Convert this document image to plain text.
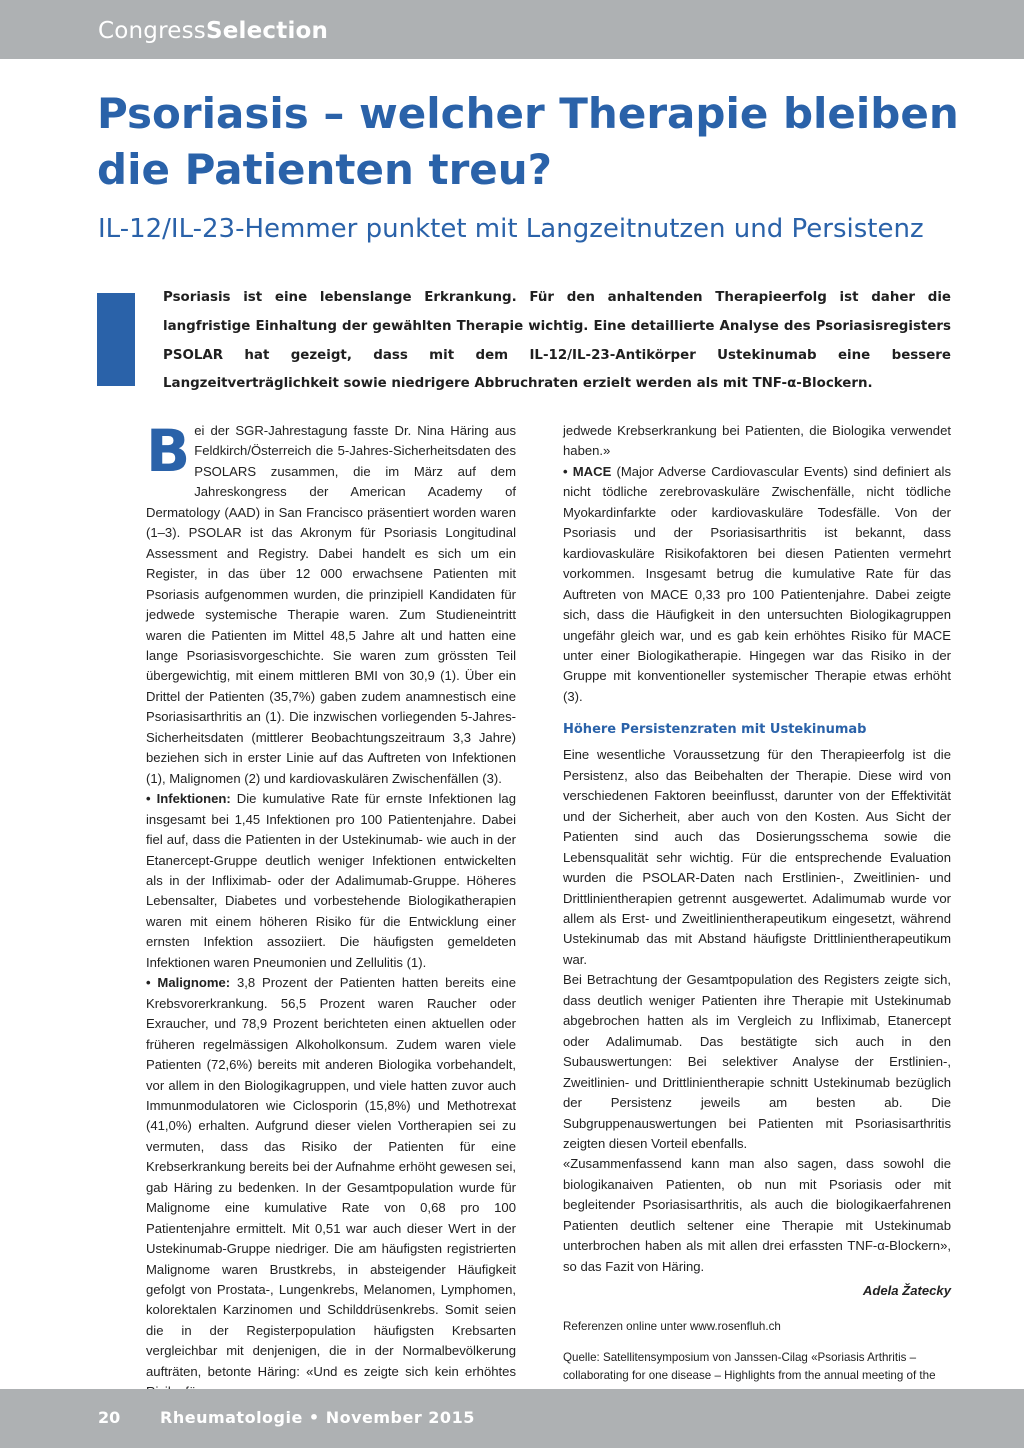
CongressSelection
Psoriasis – welcher Therapie bleiben die Patienten treu?
IL-12/IL-23-Hemmer punktet mit Langzeitnutzen und Persistenz

Psoriasis ist eine lebenslange Erkrankung. Für den anhaltenden Therapieerfolg ist daher die langfristige Einhaltung der gewählten Therapie wichtig. Eine detaillierte Analyse des Psoriasisregisters PSOLAR hat gezeigt, dass mit dem IL-12/IL-23-Antikörper Ustekinumab eine bessere Langzeitverträglichkeit sowie niedrigere Abbruchraten erzielt werden als mit TNF-α-Blockern.

Bei der SGR-Jahrestagung fasste Dr. Nina Häring aus Feldkirch/Österreich die 5-Jahres-Sicherheitsdaten des PSOLARS zusammen, die im März auf dem Jahreskongress der American Academy of Dermatology (AAD) in San Francisco präsentiert worden waren (1–3). PSOLAR ist das Akronym für Psoriasis Longitudinal Assessment and Registry. Dabei handelt es sich um ein Register, in das über 12 000 erwachsene Patienten mit Psoriasis aufgenommen wurden, die prinzipiell Kandidaten für jedwede systemische Therapie waren. Zum Studieneintritt waren die Patienten im Mittel 48,5 Jahre alt und hatten eine lange Psoriasisvorgeschichte. Sie waren zum grössten Teil übergewichtig, mit einem mittleren BMI von 30,9 (1). Über ein Drittel der Patienten (35,7%) gaben zudem anamnestisch eine Psoriasisarthritis an (1). Die inzwischen vorliegenden 5-Jahres-Sicherheitsdaten (mittlerer Beobachtungszeitraum 3,3 Jahre) beziehen sich in erster Linie auf das Auftreten von Infektionen (1), Malignomen (2) und kardiovaskulären Zwischenfällen (3).

• Infektionen: Die kumulative Rate für ernste Infektionen lag insgesamt bei 1,45 Infektionen pro 100 Patientenjahre. Dabei fiel auf, dass die Patienten in der Ustekinumab- wie auch in der Etanercept-Gruppe deutlich weniger Infektionen entwickelten als in der Infliximab- oder der Adalimumab-Gruppe. Höheres Lebensalter, Diabetes und vorbestehende Biologikatherapien waren mit einem höheren Risiko für die Entwicklung einer ernsten Infektion assoziiert. Die häufigsten gemeldeten Infektionen waren Pneumonien und Zellulitis (1).

• Malignome: 3,8 Prozent der Patienten hatten bereits eine Krebsvorerkrankung. 56,5 Prozent waren Raucher oder Exraucher, und 78,9 Prozent berichteten einen aktuellen oder früheren regelmässigen Alkoholkonsum. Zudem waren viele Patienten (72,6%) bereits mit anderen Biologika vorbehandelt, vor allem in den Biologikagruppen, und viele hatten zuvor auch Immunmodulatoren wie Ciclosporin (15,8%) und Methotrexat (41,0%) erhalten. Aufgrund dieser vielen Vortherapien sei zu vermuten, dass das Risiko der Patienten für eine Krebserkrankung bereits bei der Aufnahme erhöht gewesen sei, gab Häring zu bedenken. In der Gesamtpopulation wurde für Malignome eine kumulative Rate von 0,68 pro 100 Patientenjahre ermittelt. Mit 0,51 war auch dieser Wert in der Ustekinumab-Gruppe niedriger. Die am häufigsten registrierten Malignome waren Brustkrebs, in absteigender Häufigkeit gefolgt von Prostata-, Lungenkrebs, Melanomen, Lymphomen, kolorektalen Karzinomen und Schilddrüsenkrebs. Somit seien die in der Registerpopulation häufigsten Krebsarten vergleichbar mit denjenigen, die in der Normalbevölkerung aufträten, betonte Häring: «Und es zeigte sich kein erhöhtes

jedwede Krebserkrankung bei Patienten, die Biologika verwendet haben.»

• MACE (Major Adverse Cardiovascular Events) sind definiert als nicht tödliche zerebrovaskuläre Zwischenfälle, nicht tödliche Myokardinfarkte oder kardiovaskuläre Todesfälle. Von der Psoriasis und der Psoriasisarthritis ist bekannt, dass kardiovaskuläre Risikofaktoren bei diesen Patienten vermehrt vorkommen. Insgesamt betrug die kumulative Rate für das Auftreten von MACE 0,33 pro 100 Patientenjahre. Dabei zeigte sich, dass die Häufigkeit in den untersuchten Biologikagruppen ungefähr gleich war, und es gab kein erhöhtes Risiko für MACE unter einer Biologikatherapie. Hingegen war das Risiko in der Gruppe mit konventioneller systemischer Therapie etwas erhöht (3).

Höhere Persistenzraten mit Ustekinumab

Eine wesentliche Voraussetzung für den Therapieerfolg ist die Persistenz, also das Beibehalten der Therapie. Diese wird von verschiedenen Faktoren beeinflusst, darunter von der Effektivität und der Sicherheit, aber auch von den Kosten. Aus Sicht der Patienten sind auch das Dosierungsschema sowie die Lebensqualität sehr wichtig. Für die entsprechende Evaluation wurden die PSOLAR-Daten nach Erstlinien-, Zweitlinien- und Drittlinientherapien getrennt ausgewertet. Adalimumab wurde vor allem als Erst- und Zweitlinientherapeutikum eingesetzt, während Ustekinumab das mit Abstand häufigste Drittlinientherapeutikum war.

Bei Betrachtung der Gesamtpopulation des Registers zeigte sich, dass deutlich weniger Patienten ihre Therapie mit Ustekinumab abgebrochen hatten als im Vergleich zu Infliximab, Etanercept oder Adalimumab. Das bestätigte sich auch in den Subauswertungen: Bei selektiver Analyse der Erstlinien-, Zweitlinien- und Drittlinientherapie schnitt Ustekinumab bezüglich der Persistenz jeweils am besten ab. Die Subgruppenauswertungen bei Patienten mit Psoriasisarthritis zeigten diesen Vorteil ebenfalls.

«Zusammenfassend kann man also sagen, dass sowohl die biologikanaiven Patienten, ob nun mit Psoriasis oder mit begleitender Psoriasisarthritis, als auch die biologikaerfahrenen Patienten deutlich seltener eine Therapie mit Ustekinumab unterbrochen haben als mit allen drei erfassten TNF-α-Blockern», so das Fazit von Häring.

Adela Žatecky

Referenzen online unter www.rosenfluh.ch

Quelle: Satellitensymposium von Janssen-Cilag «Psoriasis Arthritis – collaborating for one disease – Highlights from the annual meeting of the

20 Rheumatologie • November 2015
